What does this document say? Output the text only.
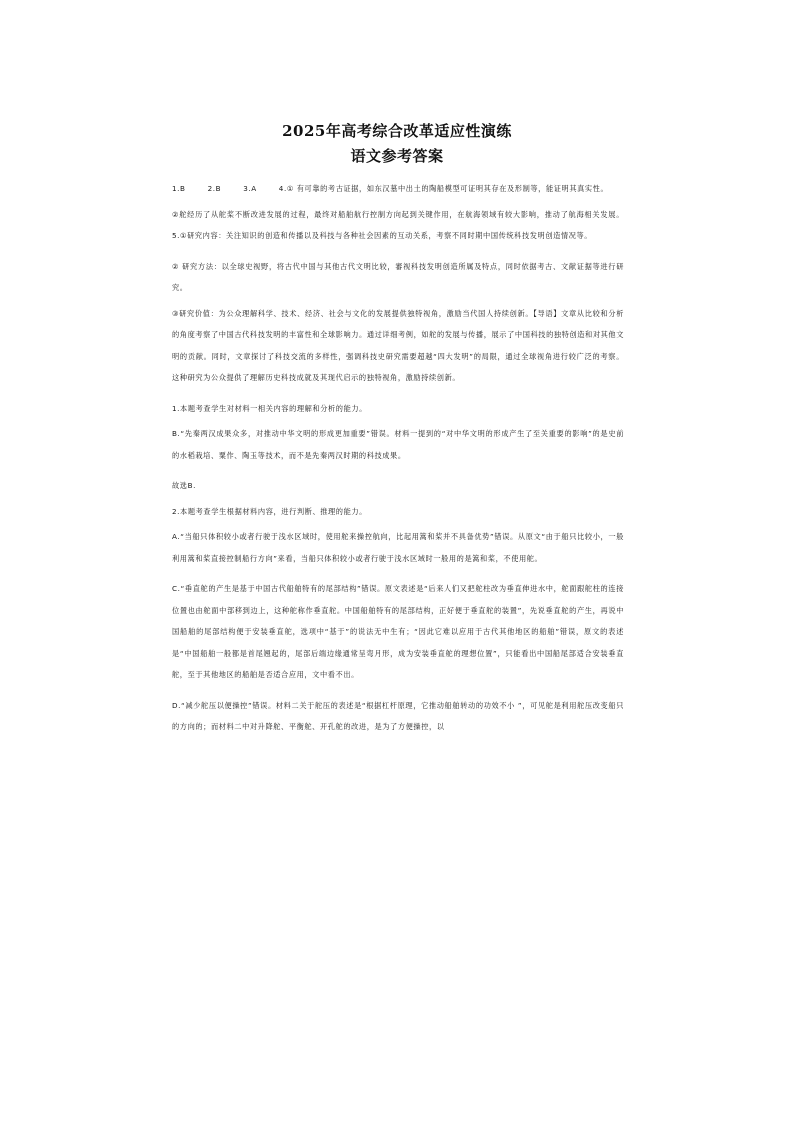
2025年高考综合改革适应性演练
语文参考答案

1.B	2.B	3.A	4.① 有可靠的考古证据，如东汉墓中出土的陶船模型可证明其存在及形制等，能证明其真实性。

②舵经历了从舵桨不断改进发展的过程，最终对船舶航行控制方向起到关键作用，在航海领域有较大影响，推动了航海相关发展。 5.①研究内容：关注知识的创造和传播以及科技与各种社会因素的互动关系，考察不同时期中国传统科技发明创造情况等。

② 研究方法：以全球史视野，将古代中国与其他古代文明比较，審视科技发明创造所属及特点，同时依据考古、文献证据等进行研究。

③研究价值：为公众理解科学、技术、经济、社会与文化的发展提供独特视角，激励当代国人持续创新。【导语】文章从比较和分析的角度考察了中国古代科技发明的丰富性和全球影响力。通过详细考例，如舵的发展与传播，展示了中国科技的独特创造和对其他文明的贡献。同时，文章探讨了科技交流的多样性，强调科技史研究需要超越“四大发明”的局限，通过全球视角进行较广泛的考察。这种研究为公众提供了理解历史科技成就及其现代启示的独特视角，激励持续创新。

1.本题考查学生对材料一相关内容的理解和分析的能力。

B.“先秦两汉成果众多，对推动中华文明的形成更加重要”错误。材料一提到的“对中华文明的形成产生了至关重要的影响”的是史前的水稻栽培、粟作、陶玉等技术，而不是先秦两汉时期的科技成果。

故选B.

2.本题考查学生根据材料内容，进行判断、推理的能力。

A.“当船只体积较小或者行驶于浅水区域时，使用舵来操控航向，比起用篙和桨并不具备优势”错误。从原文“由于船只比较小，一般利用篙和桨直接控制船行方向”来看，当船只体积较小或者行驶于浅水区域时一般用的是篙和桨，不使用舵。

C.“垂直舵的产生是基于中国古代船舶特有的尾部结构”错误。原文表述是“后来人们又把舵柱改为垂直伸进水中，舵面跟舵柱的连接位置也由舵面中部移到边上，这种舵称作垂直舵。中国船舶特有的尾部结构，正好便于垂直舵的装置”，先说垂直舵的产生，再说中国船舶的尾部结构便于安装垂直舵，选项中“基于”的说法无中生有；“因此它难以应用于古代其他地区的船舶”错误，原文的表述是“中国船舶一般都是首尾翘起的，尾部后端边缘通常呈弯月形，成为安装垂直舵的理想位置”，只能看出中国船尾部适合安装垂直舵，至于其他地区的船舶是否适合应用，文中看不出。

D.“减少舵压以便操控”错误。材料二关于舵压的表述是“根据杠杆原理，它推动船舶转动的功效不小 ”，可见舵是利用舵压改变船只的方向的；而材料二中对升降舵、平衡舵、开孔舵的改进，是为了方便操控，以
